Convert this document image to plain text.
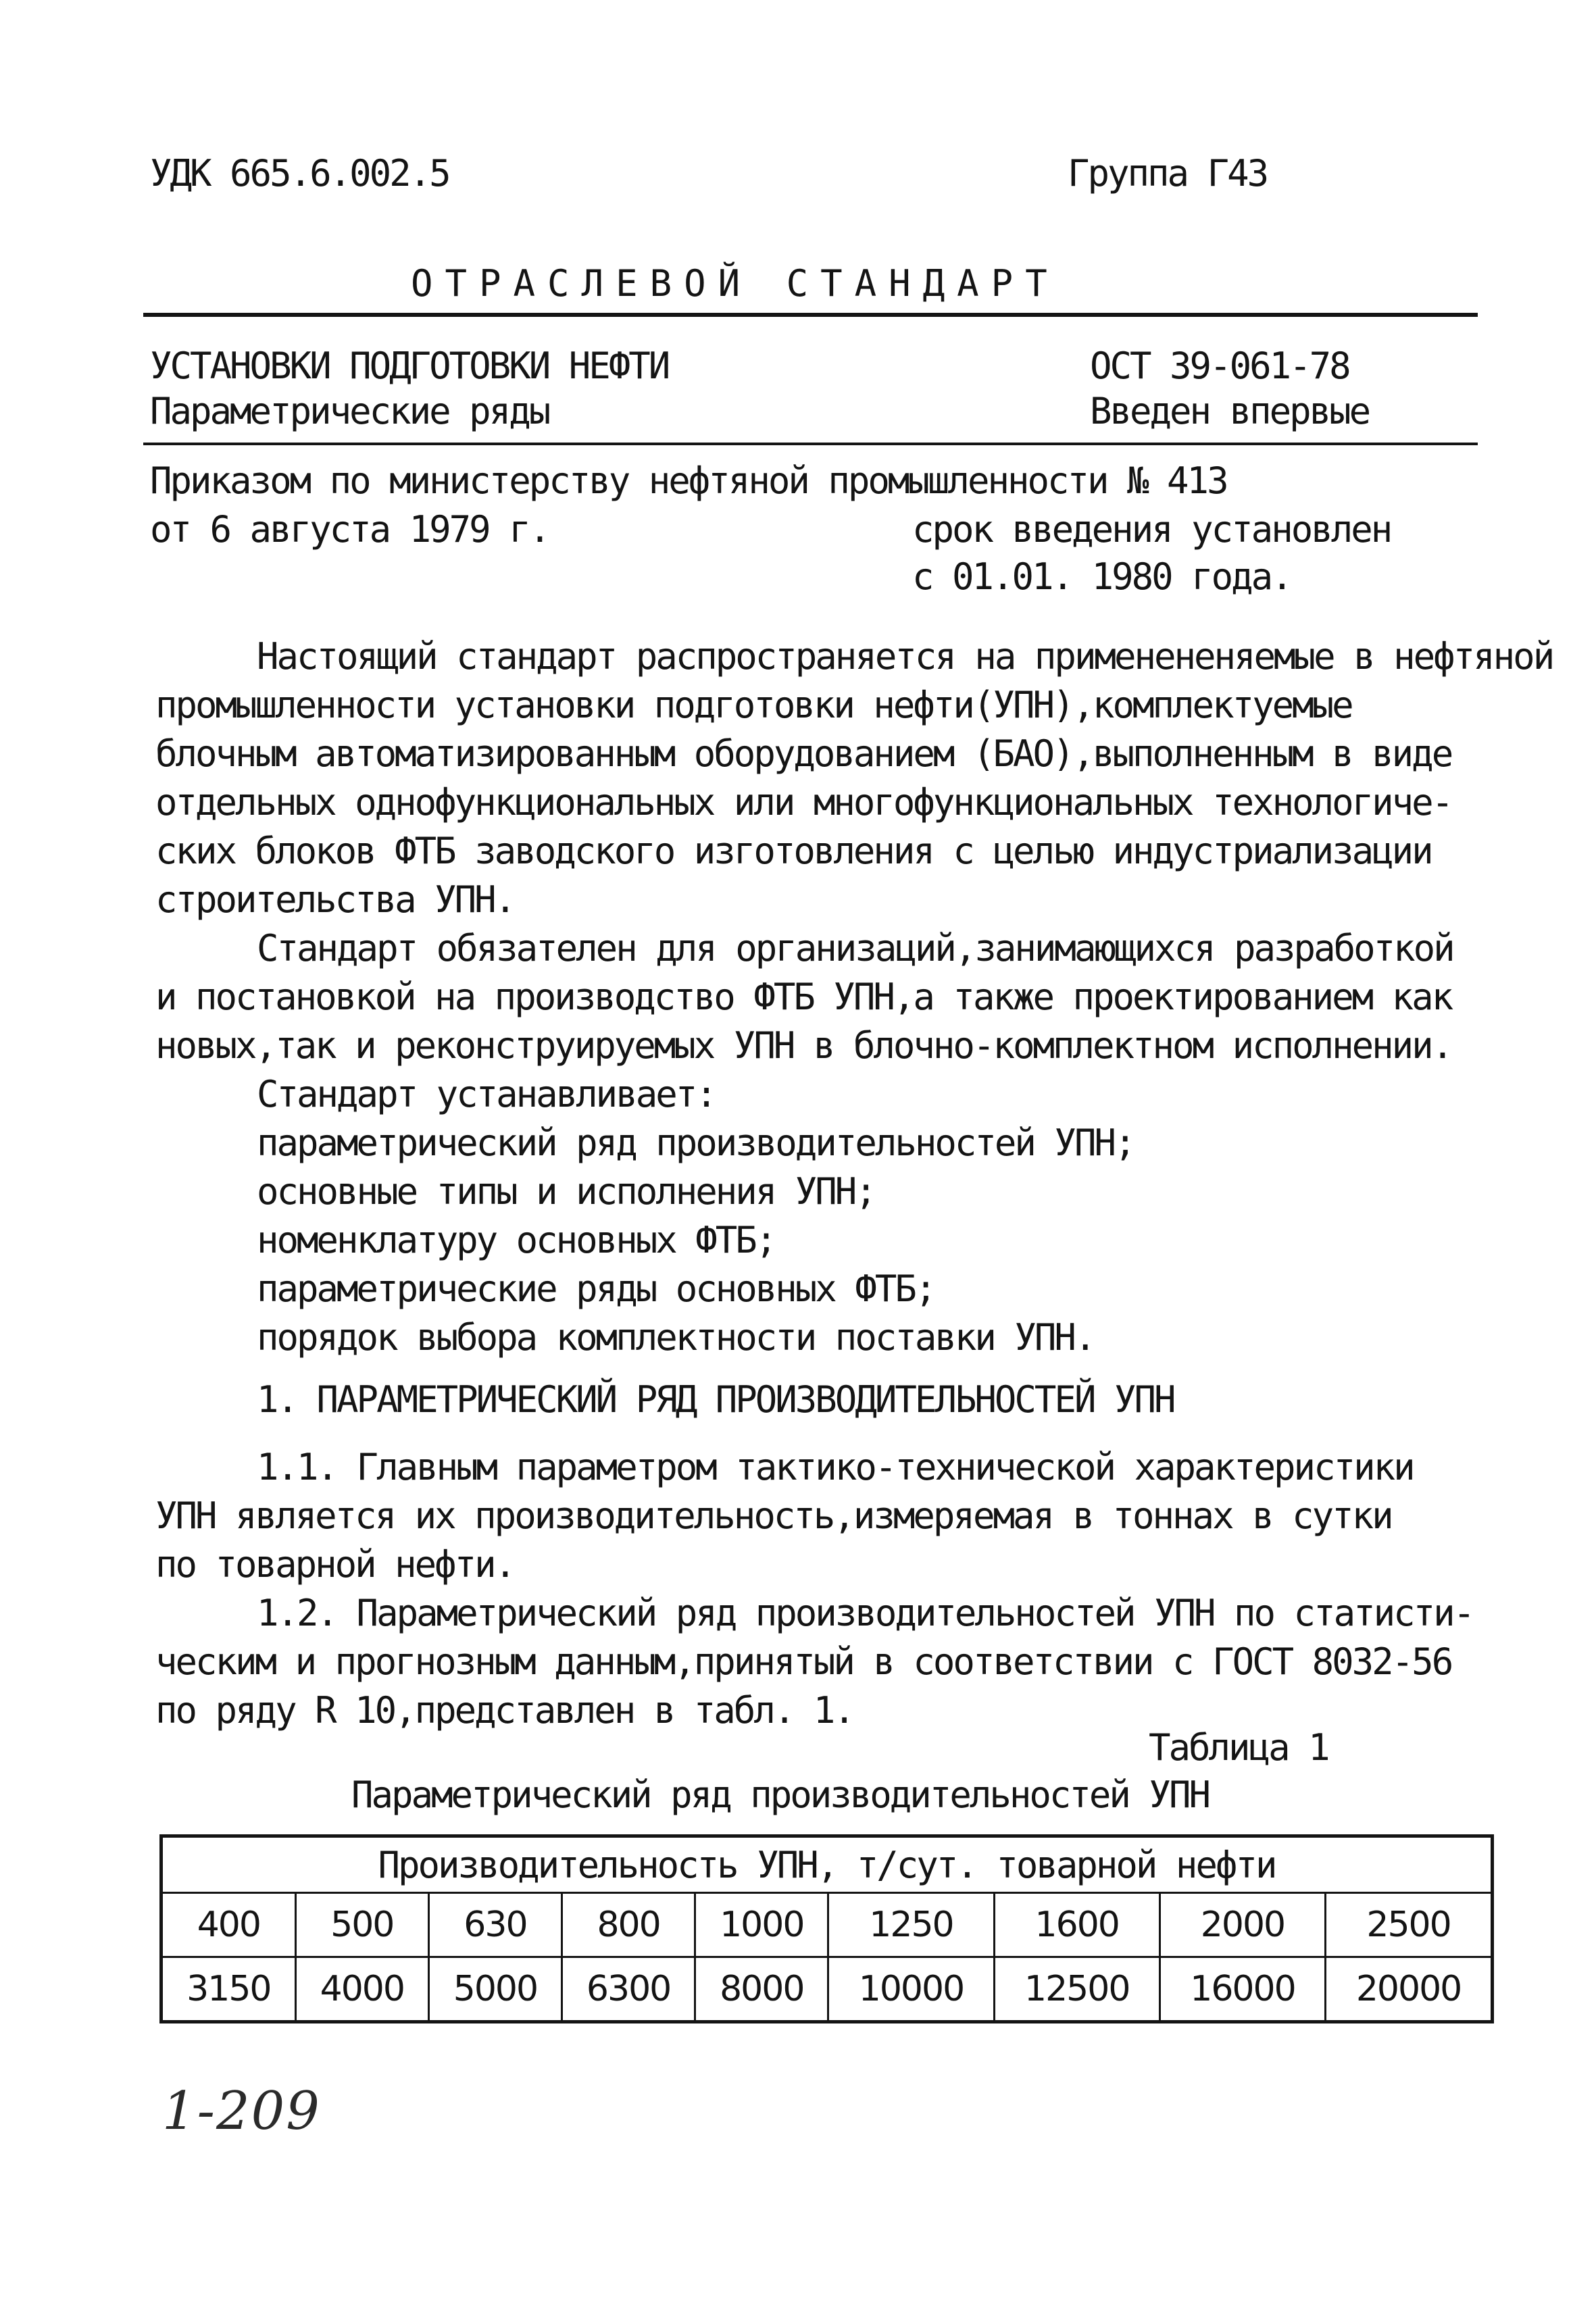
УДК 665.6.002.5	Группа Г43
ОТРАСЛЕВОЙ СТАНДАРТ
УСТАНОВКИ ПОДГОТОВКИ НЕФТИ
Параметрические ряды
ОСТ 39-061-78
Введен впервые
Приказом по министерству нефтяной промышленности № 413
от 6 августа 1979 г.	срок введения установлен
с 01.01. 1980 года.
Настоящий стандарт распространяется на применененяемые в нефтяной
промышленности установки подготовки нефти(УПН),комплектуемые
блочным автоматизированным оборудованием (БАО),выполненным в виде
отдельных однофункциональных или многофункциональных технологиче-
ских блоков ФТБ заводского изготовления с целью индустриализации
строительства УПН.
Стандарт обязателен для организаций,занимающихся разработкой
и постановкой на производство ФТБ УПН,а также проектированием как
новых,так и реконструируемых УПН в блочно-комплектном исполнении.
Стандарт устанавливает:
параметрический ряд производительностей УПН;
основные типы и исполнения УПН;
номенклатуру основных ФТБ;
параметрические ряды основных ФТБ;
порядок выбора комплектности поставки УПН.
1. ПАРАМЕТРИЧЕСКИЙ РЯД ПРОИЗВОДИТЕЛЬНОСТЕЙ УПН
1.1. Главным параметром тактико-технической характеристики
УПН является их производительность,измеряемая в тоннах в сутки
по товарной нефти.
1.2. Параметрический ряд производительностей УПН по статисти-
ческим и прогнозным данным,принятый в соответствии с ГОСТ 8032-56
по ряду R 10,представлен в табл. 1.
Таблица 1
Параметрический ряд производительностей УПН
Производительность УПН, т/сут. товарной нефти								
400	500	630	800	1000	1250	1600	2000	2500
3150	4000	5000	6300	8000	10000	12500	16000	20000
1-209
